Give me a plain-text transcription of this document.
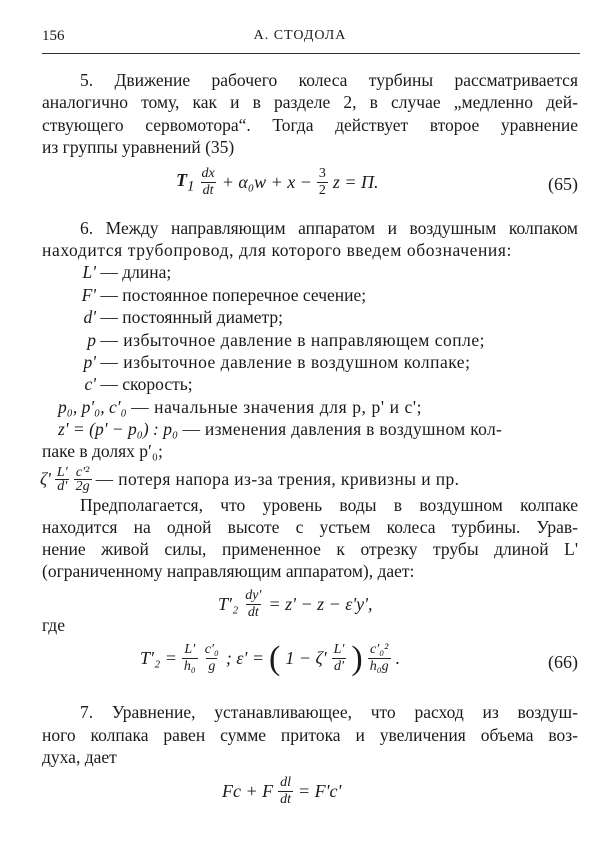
156	А. СТОДОЛА
5. Движение рабочего колеса турбины рассматривается
аналогично тому, как и в разделе 2, в случае „медленно дей-
ствующего сервомотора“. Тогда действует второе уравнение
из группы уравнений (35)
$T_1 \frac{dx}{dt} + \alpha_0w + x - \frac{3}{2}$ z = П.	(65)
6. Между направляющим аппаратом и воздушным колпаком
находится трубопровод, для которого введем обозначения:
L' — длина;
F' — постоянное поперечное сечение;
d' — постоянный диаметр;
p — избыточное давление в направляющем сопле;
p' — избыточное давление в воздушном колпаке;
c' — скорость;
p₀, p′₀, c′₀ — начальные значения для p, p' и c';
z' = (p' − p₀) : p₀ — изменения давления в воздушном кол-
паке в долях p′₀;
$\zeta' \frac{L'}{d'} \frac{\text{c'²}}{2g}$ — потеря напора из-за трения, кривизны и пр.
Предполагается, что уровень воды в воздушном колпаке
находится на одной высоте с устьем колеса турбины. Урав-
нение живой силы, примененное к отрезку трубы длиной L'
(ограниченному направляющим аппаратом), дает:
$T'_2 \frac{dy'}{dt} = z' - z - \varepsilon'y'$,
где
$T'_2 = \frac{L'}{\text{h₀}} \frac{\text{c′₀}}{g}$ ; ε' = ( $1 - \zeta' \frac{L'}{d'}$ ) $\frac{\text{c′₀²}}{\text{h₀g}}$ .	(66)
7. Уравнение, устанавливающее, что расход из воздуш-
ного колпака равен сумме притока и увеличения объема воз-
духа, дает
Fc + F $\frac{dl}{dt} = F'c'$
